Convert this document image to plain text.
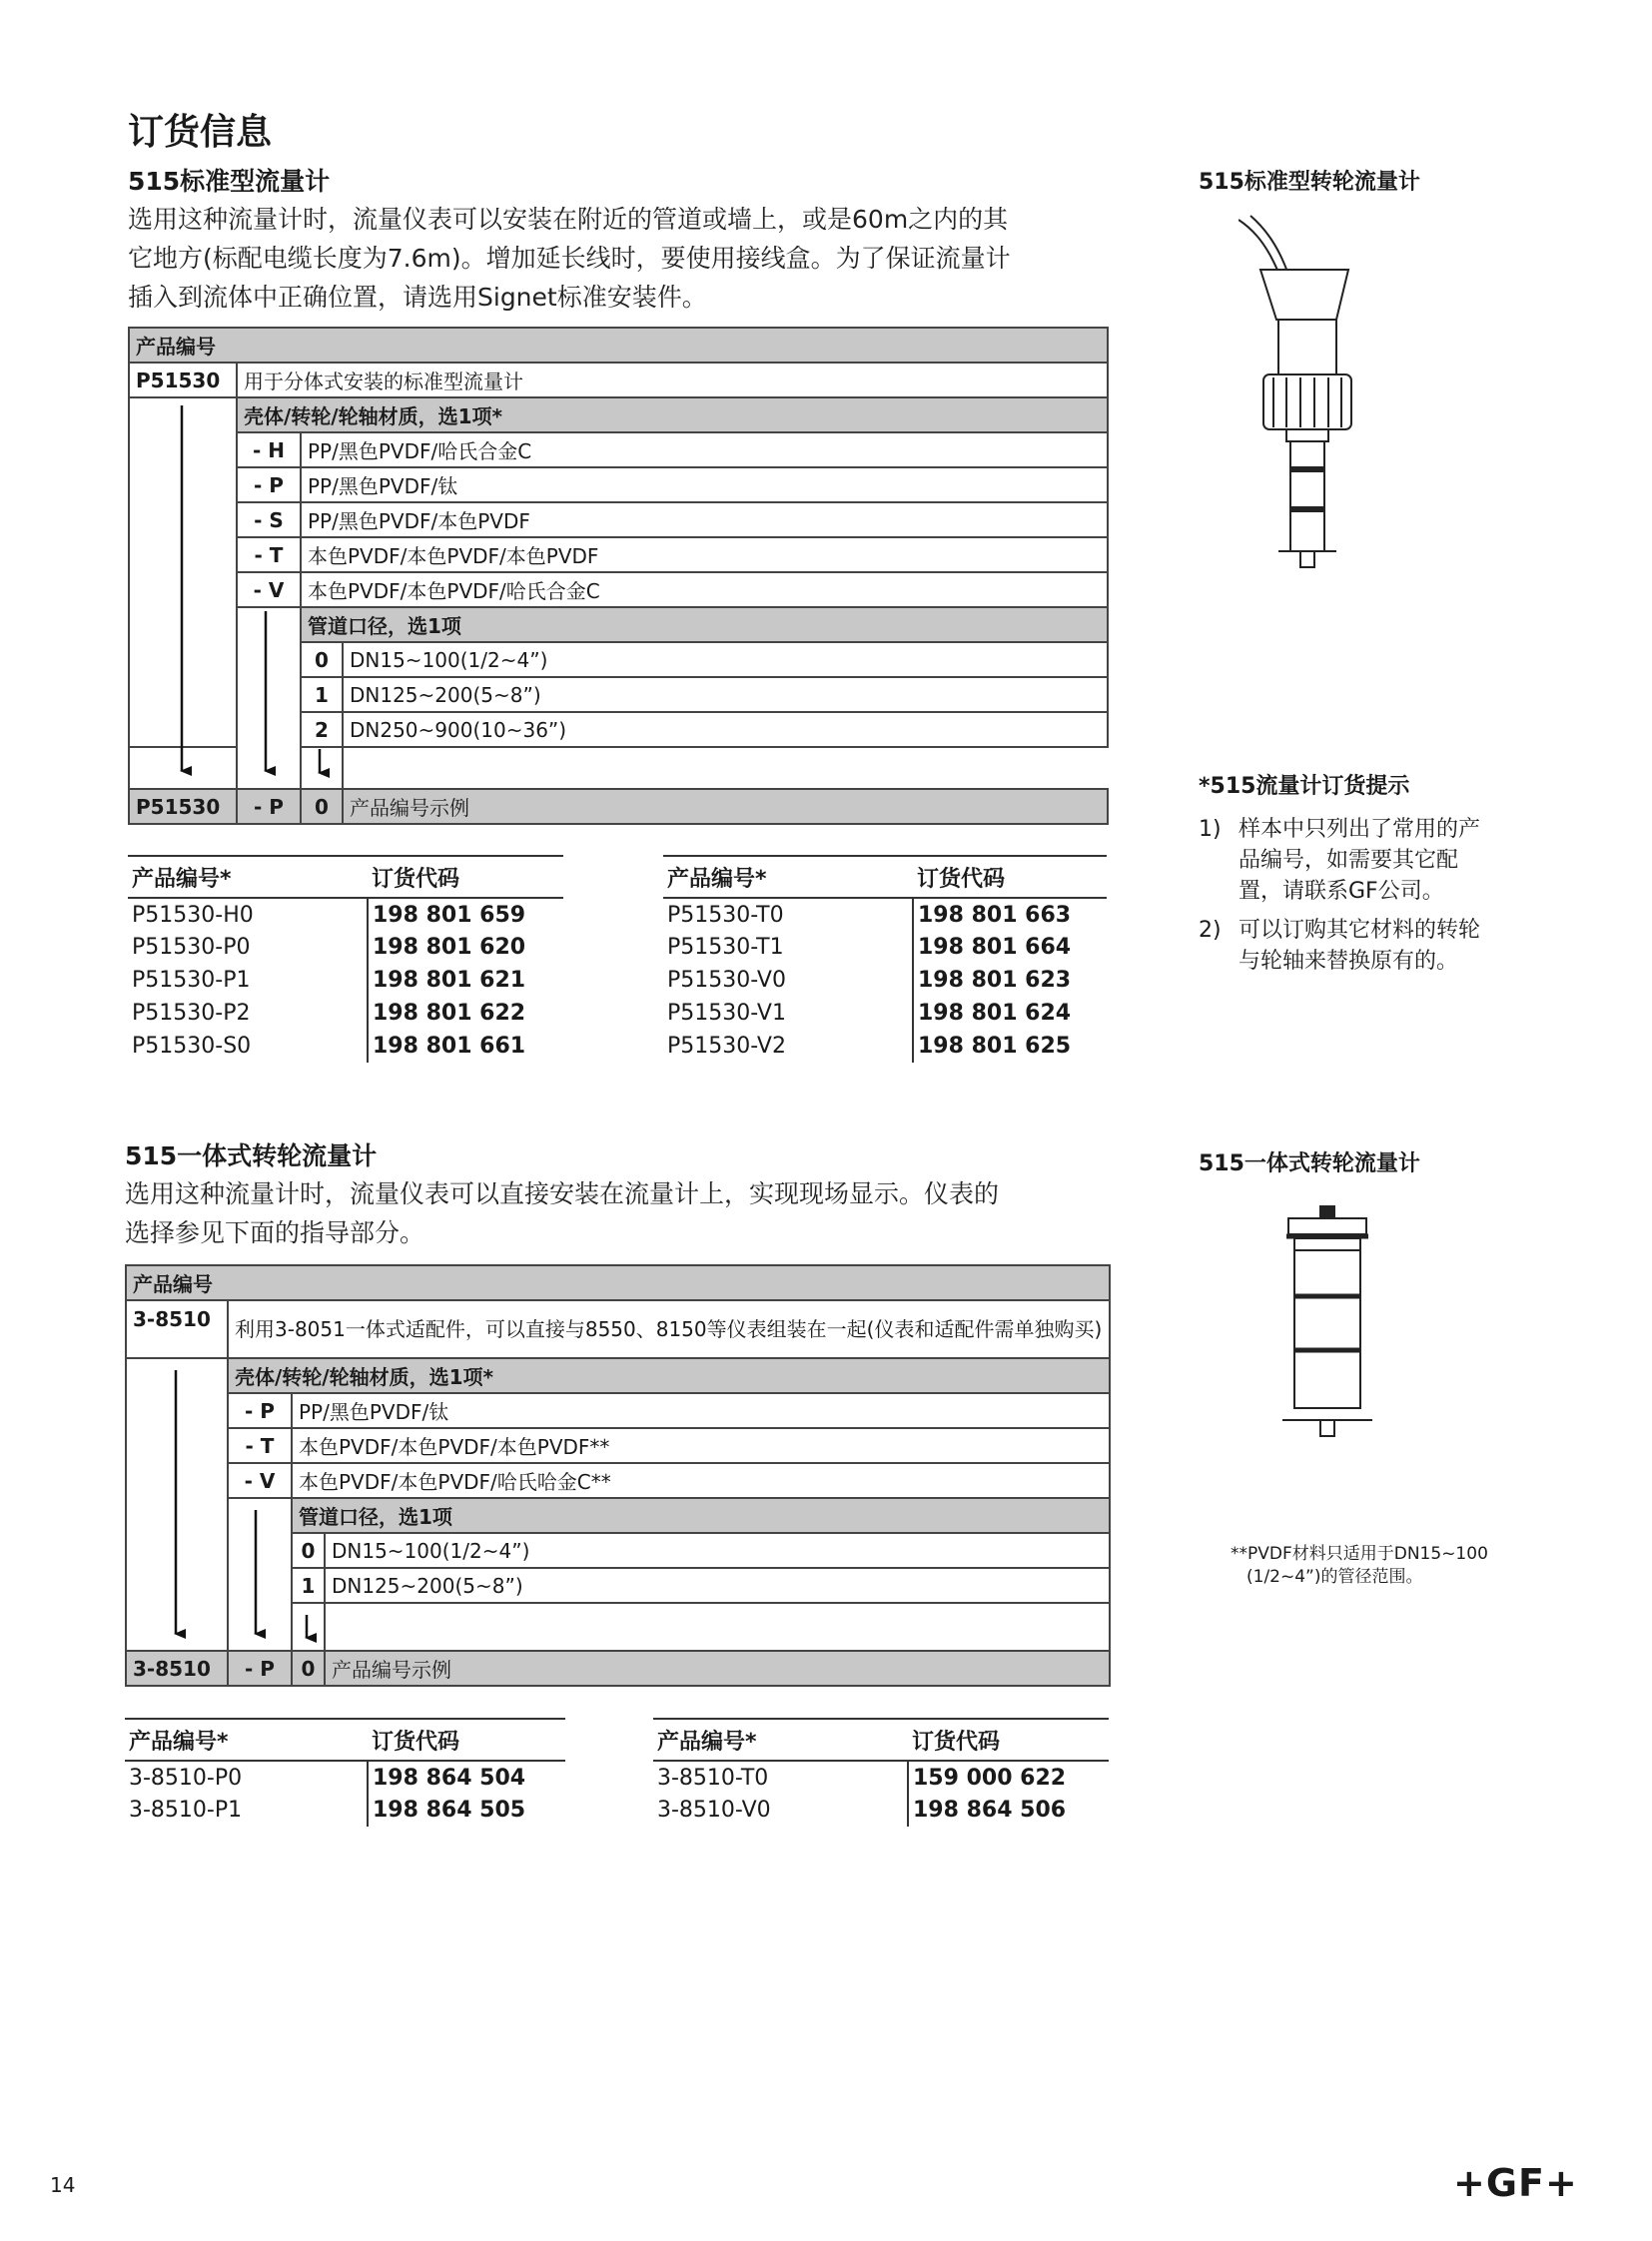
订货信息
515标准型流量计
选用这种流量计时，流量仪表可以安装在附近的管道或墙上，或是60m之内的其
它地方(标配电缆长度为7.6m)。增加延长线时，要使用接线盒。为了保证流量计
插入到流体中正确位置，请选用Signet标准安装件。
产品编号			
P51530	用于分体式安装的标准型流量计		
	壳体/转轮/轮轴材质，选1项*		
	- H	PP/黑色PVDF/哈氏合金C	
	- P	PP/黑色PVDF/钛	
	- S	PP/黑色PVDF/本色PVDF	
	- T	本色PVDF/本色PVDF/本色PVDF	
	- V	本色PVDF/本色PVDF/哈氏合金C	
		管道口径，选1项	
		0	DN15~100(1/2~4”)
		1	DN125~200(5~8”)
		2	DN250~900(10~36”)

P51530	- P	0	产品编号示例
产品编号*	订货代码
P51530-H0	198 801 659
P51530-P0	198 801 620
P51530-P1	198 801 621
P51530-P2	198 801 622
P51530-S0	198 801 661
产品编号*	订货代码
P51530-T0	198 801 663
P51530-T1	198 801 664
P51530-V0	198 801 623
P51530-V1	198 801 624
P51530-V2	198 801 625
515标准型转轮流量计
*515流量计订货提示
1) 样本中只列出了常用的产
品编号，如需要其它配
置，请联系GF公司。
2) 可以订购其它材料的转轮
与轮轴来替换原有的。
515一体式转轮流量计
选用这种流量计时，流量仪表可以直接安装在流量计上，实现现场显示。仪表的
选择参见下面的指导部分。
产品编号			
3-8510	利用3-8051一体式适配件，可以直接与8550、8150等仪表组装在一起(仪表和适配件需单独购买)		
	壳体/转轮/轮轴材质，选1项*		
	- P	PP/黑色PVDF/钛	
	- T	本色PVDF/本色PVDF/本色PVDF**	
	- V	本色PVDF/本色PVDF/哈氏哈金C**	
		管道口径，选1项	
		0	DN15~100(1/2~4”)
		1	DN125~200(5~8”)

3-8510	- P	0	产品编号示例
产品编号*	订货代码
3-8510-P0	198 864 504
3-8510-P1	198 864 505
产品编号*	订货代码
3-8510-T0	159 000 622
3-8510-V0	198 864 506
515一体式转轮流量计
**PVDF材料只适用于DN15~100
(1/2~4”)的管径范围。
14	+GF+
